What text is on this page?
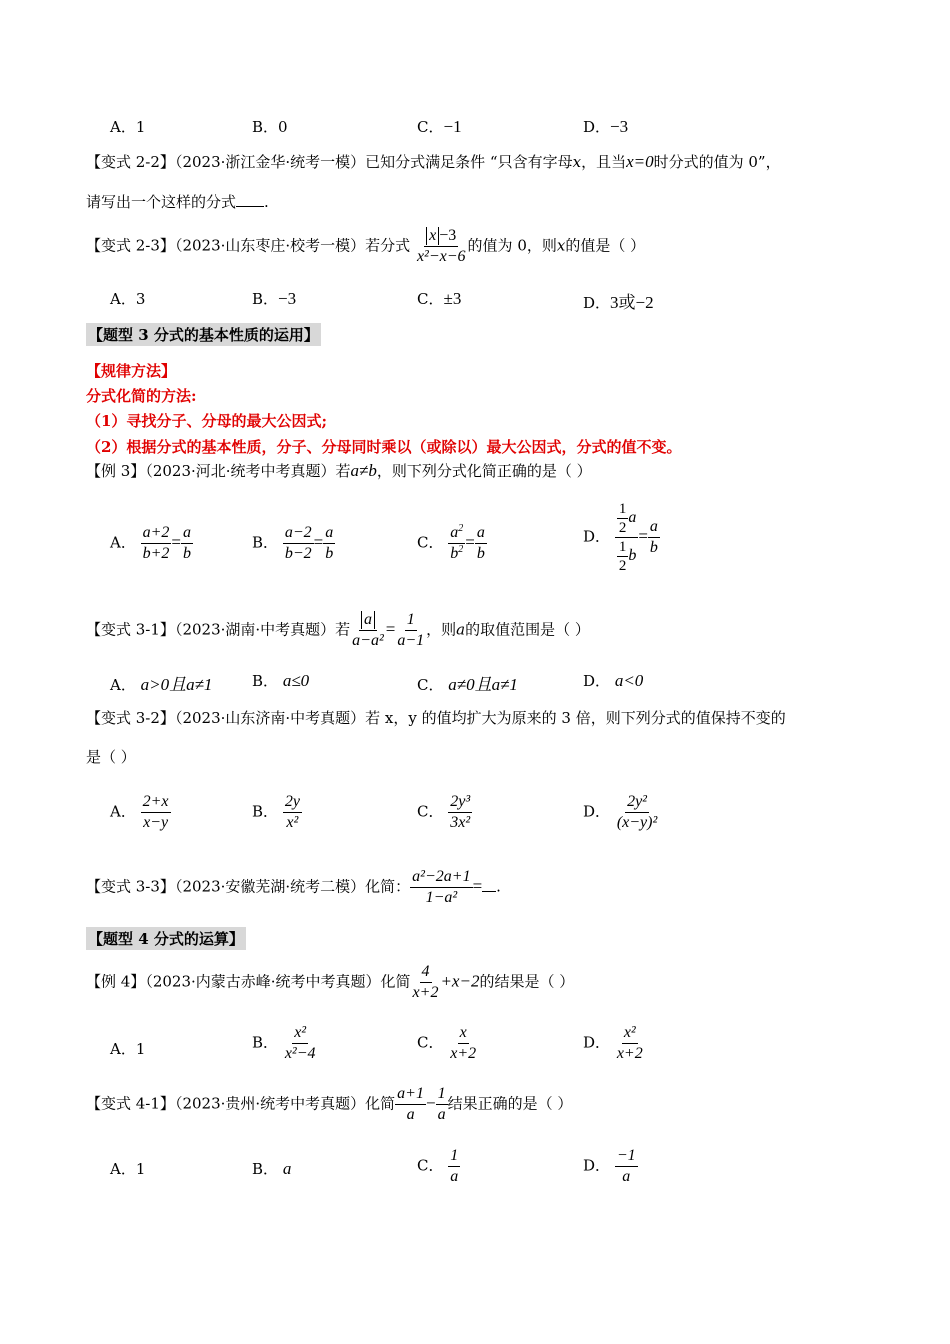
A．1	B．0	C．−1	D．−3
【变式 2-2】（2023·浙江金华·统考一模）已知分式满足条件 “只含有字母x，且当x=0时分式的值为 0”，
请写出一个这样的分式 .
【变式 2-3】（2023·山东枣庄·校考一模）若分式 $\frac{x -3}{\text{x²−x−6}}$ 的值为 0，则x的值是（ ）
A．3	B．−3	C．±3	D．3或−2
【题型 3 分式的基本性质的运用】
【规律方法】
分式化简的方法:
（1）寻找分子、分母的最大公因式;
（2）根据分式的基本性质，分子、分母同时乘以（或除以）最大公因式，分式的值不变。
【例 3】（2023·河北·统考中考真题）若a≠b，则下列分式化简正确的是（ ）
A． $\frac{a+2}{b+2} = \frac{a}{b}$	B． $\frac{a-2}{b-2} = \frac{a}{b}$	C． $\frac{a^2}{b^2} = \frac{a}{b}$	D． $\frac{\frac{1}{2} a}{\frac{1}{2} b} = \frac{a}{b}$
【变式 3-1】（2023·湖南·中考真题）若 $\frac{a}{\text{a−a²}} = \frac{1}{a-1}$ ，则a的取值范围是（ ）
A． a>0且a≠1	B． a≤0	C． a≠0且a≠1	D． a<0
【变式 3-2】（2023·山东济南·中考真题）若 x，y 的值均扩大为原来的 3 倍，则下列分式的值保持不变的
是（ ）
A． $\frac{2+x}{x-y}$	B． $\frac{2y}{\text{x²}}$	C． $\frac{\text{2y³}}{\text{3x²}}$	D． $\frac{\text{2y²}}{\text{(x−y)²}}$
【变式 3-3】（2023·安徽芜湖·统考二模）化简： $\frac{\text{a²−2a+1}}{\text{1−a²}}$ = .
【题型 4 分式的运算】
【例 4】（2023·内蒙古赤峰·统考中考真题）化简 $\frac{4}{x+2} +x-2$的结果是（ ）
A．1	B． $\frac{\text{x²}}{\text{x²−4}}$	C． $\frac{x}{x+2}$	D． $\frac{\text{x²}}{x+2}$
【变式 4-1】（2023·贵州·统考中考真题）化简 $\frac{a+1}{a} - \frac{1}{a}$ 结果正确的是（ ）
A．1	B． a	C． $\frac{1}{a}$	D． $\frac{-1}{a}$
